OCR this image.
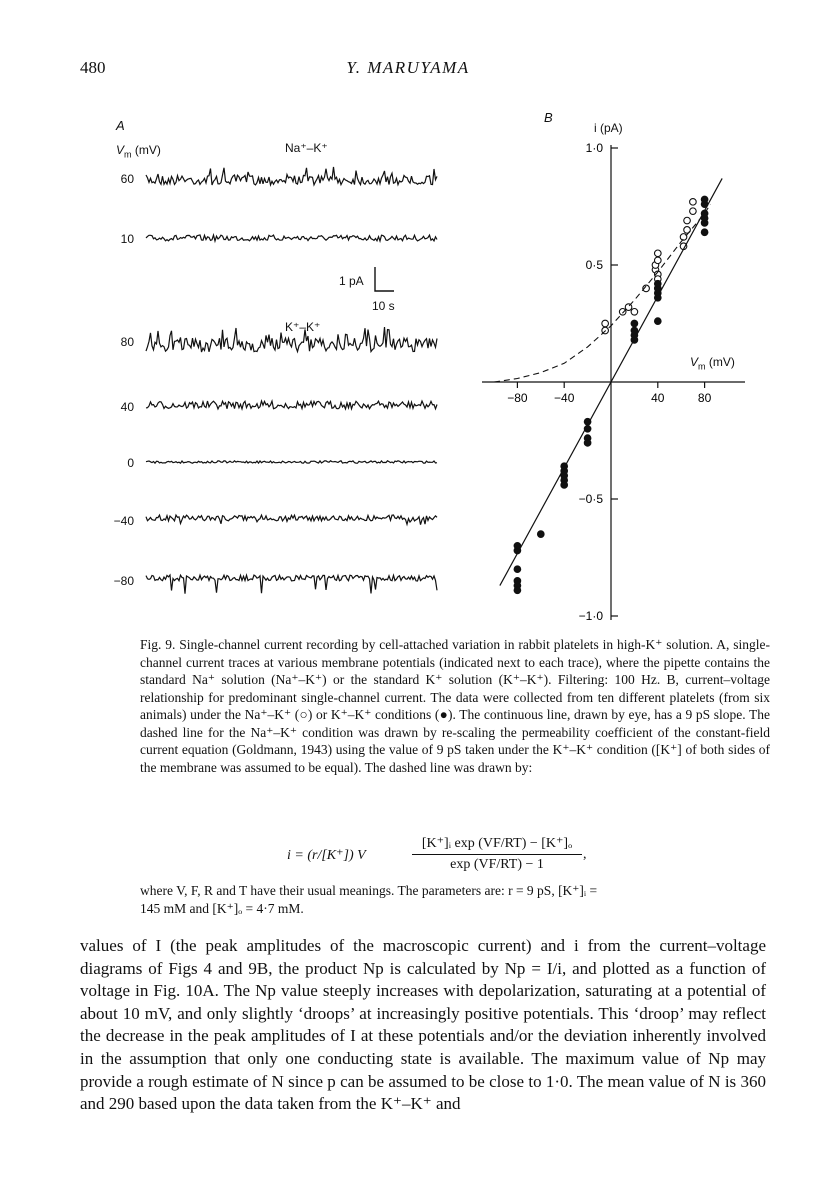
480	Y. MARUYAMA
A
$V_m$ (mV)	Na⁺–K⁺
K⁺–K⁺
60
10
80
40
0
−40
−80
1 pA
10 s
B
i (pA)
$V_m$ (mV)
1·0
0·5
−0·5
−1·0
−80 −40	40	80

Fig. 9. Single-channel current recording by cell-attached variation in rabbit platelets in high-K⁺ solution. A, single-channel current traces at various membrane potentials (indicated next to each trace), where the pipette contains the standard Na⁺ solution (Na⁺–K⁺) or the standard K⁺ solution (K⁺–K⁺). Filtering: 100 Hz. B, current–voltage relationship for predominant single-channel current. The data were collected from ten different platelets (from six animals) under the Na⁺–K⁺ (○) or K⁺–K⁺ conditions (●). The continuous line, drawn by eye, has a 9 pS slope. The dashed line for the Na⁺–K⁺ condition was drawn by re-scaling the permeability coefficient of the constant-field current equation (Goldmann, 1943) using the value of 9 pS taken under the K⁺–K⁺ condition ([K⁺] of both sides of the membrane was assumed to be equal). The dashed line was drawn by:

i = (r/[K⁺]) V	$\frac{\text{[K⁺]ᵢ exp (VF/RT) − [K⁺]ₒ}}{\exp (VF/RT) - 1}$ ,
where V, F, R and T have their usual meanings. The parameters are: r = 9 pS, [K⁺]ᵢ =
145 mM and [K⁺]ₒ = 4·7 mM.

values of I (the peak amplitudes of the macroscopic current) and i from the current–voltage diagrams of Figs 4 and 9B, the product Np is calculated by Np = I/i, and plotted as a function of voltage in Fig. 10A. The Np value steeply increases with depolarization, saturating at a potential of about 10 mV, and only slightly ‘droops’ at increasingly positive potentials. This ‘droop’ may reflect the decrease in the peak amplitudes of I at these potentials and/or the deviation inherently involved in the assumption that only one conducting state is available. The maximum value of Np may provide a rough estimate of N since p can be assumed to be close to 1·0. The mean value of N is 360 and 290 based upon the data taken from the K⁺–K⁺ and
